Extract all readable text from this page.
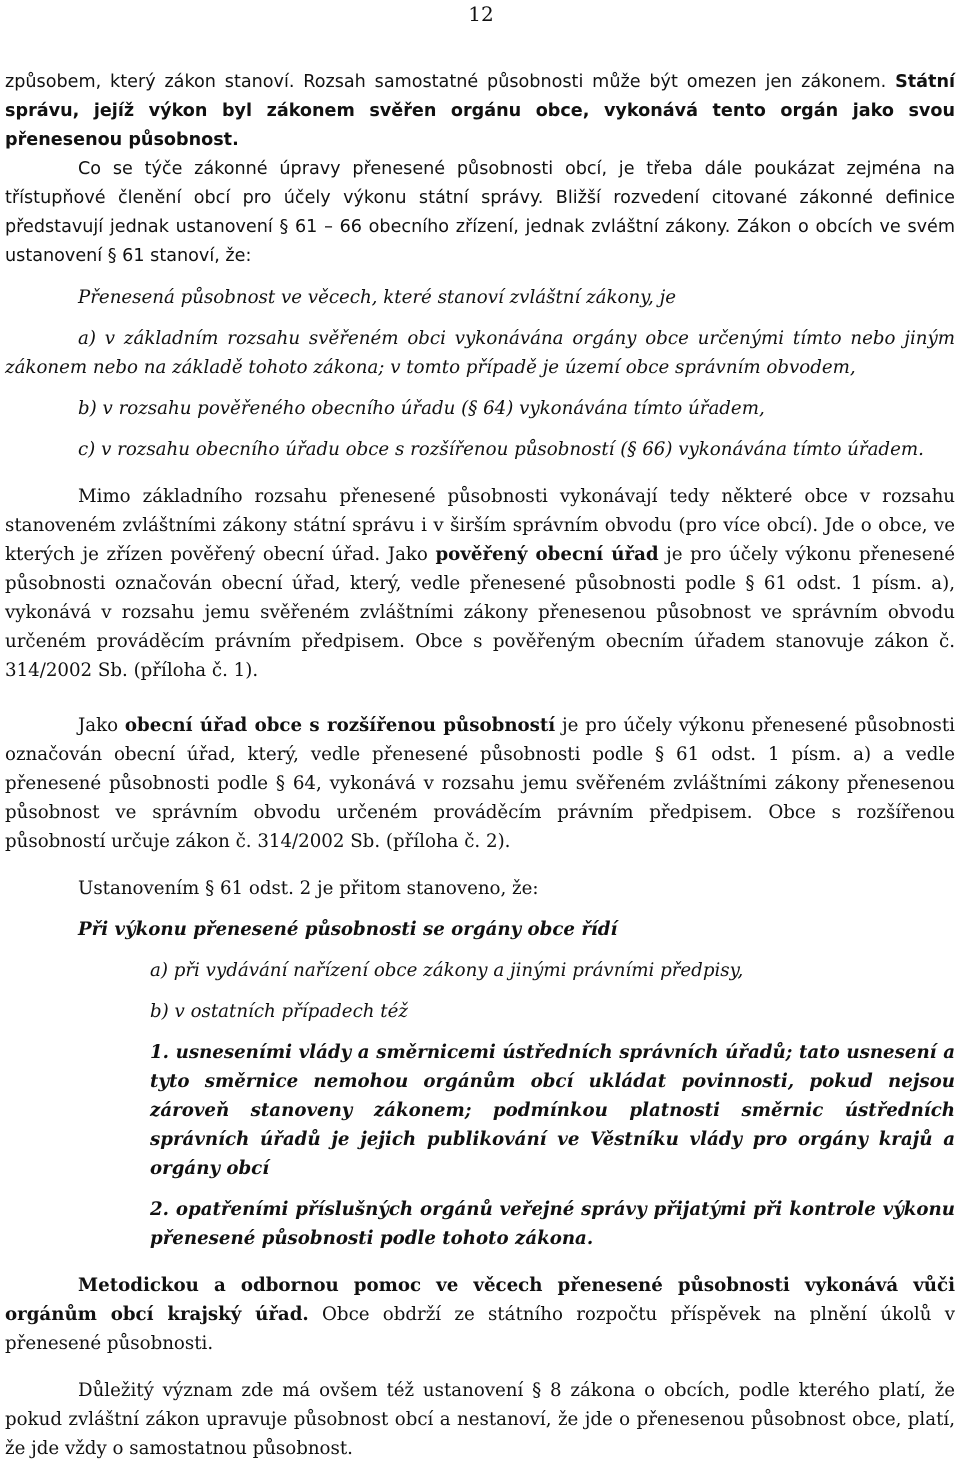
12

způsobem, který zákon stanoví. Rozsah samostatné působnosti může být omezen jen zákonem. Státní správu, jejíž výkon byl zákonem svěřen orgánu obce, vykonává tento orgán jako svou přenesenou působnost.

Co se týče zákonné úpravy přenesené působnosti obcí, je třeba dále poukázat zejména na třístupňové členění obcí pro účely výkonu státní správy. Bližší rozvedení citované zákonné definice představují jednak ustanovení § 61 – 66 obecního zřízení, jednak zvláštní zákony. Zákon o obcích ve svém ustanovení § 61 stanoví, že:

Přenesená působnost ve věcech, které stanoví zvláštní zákony, je

a) v základním rozsahu svěřeném obci vykonávána orgány obce určenými tímto nebo jiným zákonem nebo na základě tohoto zákona; v tomto případě je území obce správním obvodem,

b) v rozsahu pověřeného obecního úřadu (§ 64) vykonávána tímto úřadem,

c) v rozsahu obecního úřadu obce s rozšířenou působností (§ 66) vykonávána tímto úřadem.

Mimo základního rozsahu přenesené působnosti vykonávají tedy některé obce v rozsahu stanoveném zvláštními zákony státní správu i v širším správním obvodu (pro více obcí). Jde o obce, ve kterých je zřízen pověřený obecní úřad. Jako pověřený obecní úřad je pro účely výkonu přenesené působnosti označován obecní úřad, který, vedle přenesené působnosti podle § 61 odst. 1 písm. a), vykonává v rozsahu jemu svěřeném zvláštními zákony přenesenou působnost ve správním obvodu určeném prováděcím právním předpisem. Obce s pověřeným obecním úřadem stanovuje zákon č. 314/2002 Sb. (příloha č. 1).

Jako obecní úřad obce s rozšířenou působností je pro účely výkonu přenesené působnosti označován obecní úřad, který, vedle přenesené působnosti podle § 61 odst. 1 písm. a) a vedle přenesené působnosti podle § 64, vykonává v rozsahu jemu svěřeném zvláštními zákony přenesenou působnost ve správním obvodu určeném prováděcím právním předpisem. Obce s rozšířenou působností určuje zákon č. 314/2002 Sb. (příloha č. 2).

Ustanovením § 61 odst. 2 je přitom stanoveno, že:

Při výkonu přenesené působnosti se orgány obce řídí

a) při vydávání nařízení obce zákony a jinými právními předpisy,

b) v ostatních případech též

1. usneseními vlády a směrnicemi ústředních správních úřadů; tato usnesení a tyto směrnice nemohou orgánům obcí ukládat povinnosti, pokud nejsou zároveň stanoveny zákonem; podmínkou platnosti směrnic ústředních správních úřadů je jejich publikování ve Věstníku vlády pro orgány krajů a orgány obcí

2. opatřeními příslušných orgánů veřejné správy přijatými při kontrole výkonu přenesené působnosti podle tohoto zákona.

Metodickou a odbornou pomoc ve věcech přenesené působnosti vykonává vůči orgánům obcí krajský úřad. Obce obdrží ze státního rozpočtu příspěvek na plnění úkolů v přenesené působnosti.

Důležitý význam zde má ovšem též ustanovení § 8 zákona o obcích, podle kterého platí, že pokud zvláštní zákon upravuje působnost obcí a nestanoví, že jde o přenesenou působnost obce, platí, že jde vždy o samostatnou působnost.
